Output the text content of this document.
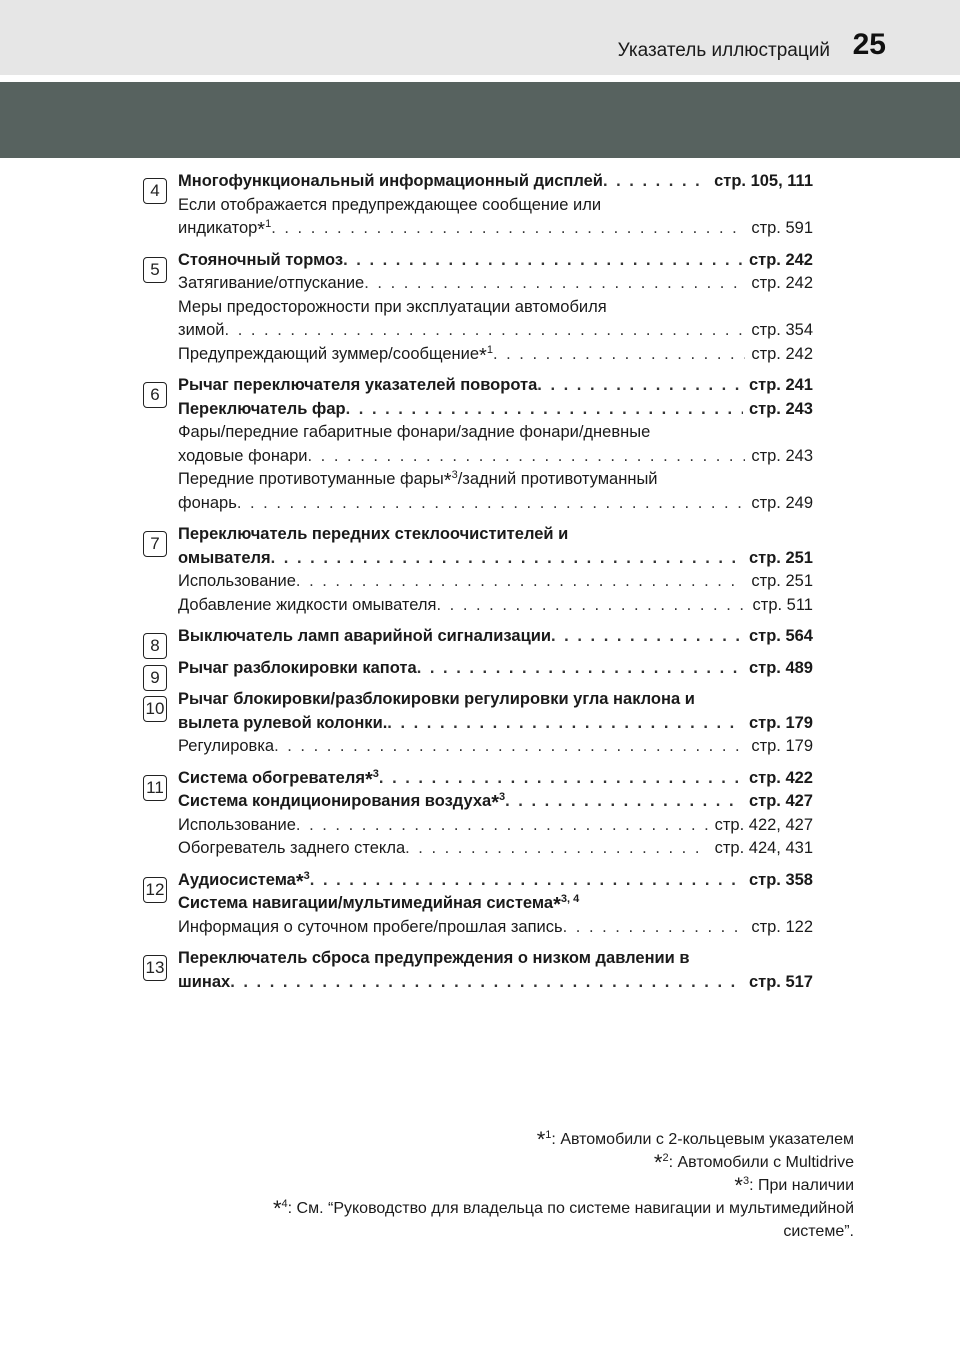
Указатель иллюстраций 25
4	Многофункциональный информационный дисплей . . .	стр. 105, 111
Если отображается предупреждающее сообщение или
индикатор*$^1$ . . .	стр. 591
5	Стояночный тормоз . . .	стр. 242
Затягивание/отпускание . . .	стр. 242
Меры предосторожности при эксплуатации автомобиля
зимой . . .	стр. 354
Предупреждающий зуммер/сообщение*$^1$ . . .	стр. 242
6	Рычаг переключателя указателей поворота . . .	стр. 241
Переключатель фар . . .	стр. 243
Фары/передние габаритные фонари/задние фонари/дневные
ходовые фонари . . .	стр. 243
Передние противотуманные фары*$^3$/задний противотуманный
фонарь . . .	стр. 249
7	Переключатель передних стеклоочистителей и
омывателя . . .	стр. 251
Использование . . .	стр. 251
Добавление жидкости омывателя . . .	стр. 511
8	Выключатель ламп аварийной сигнализации . . .	стр. 564
9	Рычаг разблокировки капота . . .	стр. 489
10 Рычаг блокировки/разблокировки регулировки угла наклона и
вылета рулевой колонки. . . .	стр. 179
Регулировка . . .	стр. 179
11 Система обогревателя*$^3$ . . .	стр. 422
Система кондиционирования воздуха*$^3$ . . .	стр. 427
Использование . . .	стр. 422, 427
Обогреватель заднего стекла . . .	стр. 424, 431
12 Аудиосистема*$^3$ . . .	стр. 358
Система навигации/мультимедийная система*$^{3, 4}$
Информация о суточном пробеге/прошлая запись . . .	стр. 122
13 Переключатель сброса предупреждения о низком давлении в
шинах . . .	стр. 517
*$^1$: Автомобили с 2-кольцевым указателем
*$^2$: Автомобили с Multidrive
*$^3$: При наличии
*$^4$: См. “Руководство для владельца по системе навигации и мультимедийной
системе”.
